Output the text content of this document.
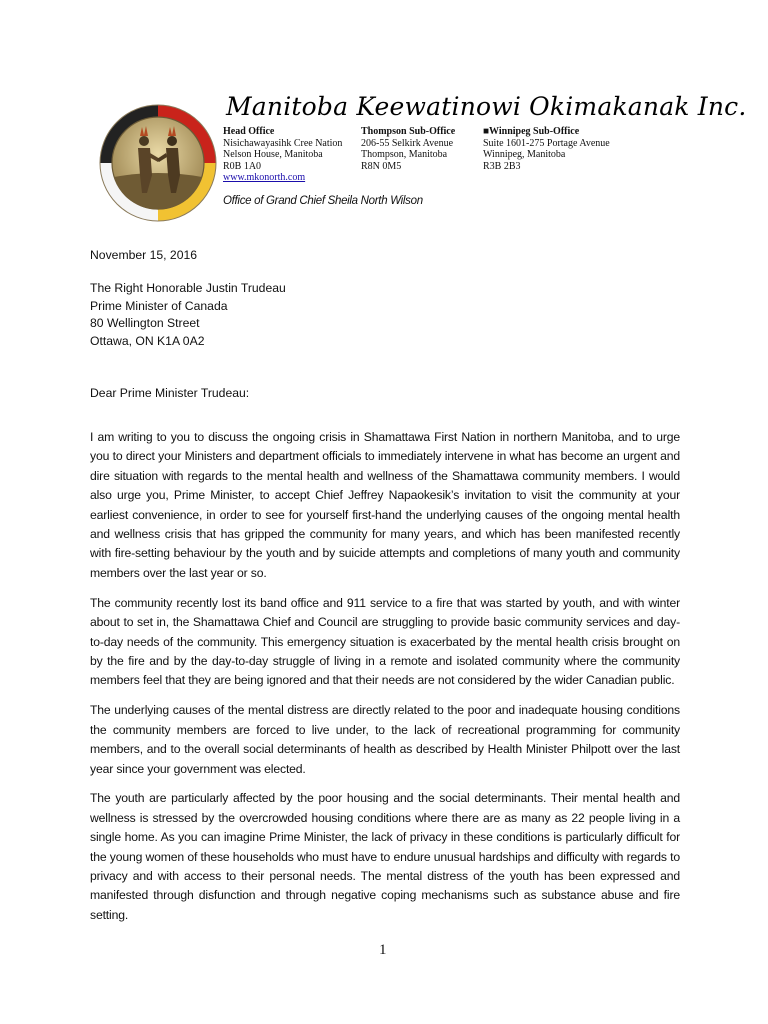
Manitoba Keewatinowi Okimakanak Inc.
Head Office
Nisichawayasihk Cree Nation
Nelson House, Manitoba
R0B 1A0
Thompson Sub-Office
206-55 Selkirk Avenue
Thompson, Manitoba
R8N 0M5
■Winnipeg Sub-Office
Suite 1601-275 Portage Avenue
Winnipeg, Manitoba
R3B 2B3
www.mkonorth.com
Office of Grand Chief Sheila North Wilson
November 15, 2016
The Right Honorable Justin Trudeau
Prime Minister of Canada
80 Wellington Street
Ottawa, ON K1A 0A2
Dear Prime Minister Trudeau:

I am writing to you to discuss the ongoing crisis in Shamattawa First Nation in northern Manitoba, and to urge you to direct your Ministers and department officials to immediately intervene in what has become an urgent and dire situation with regards to the mental health and wellness of the Shamattawa community members. I would also urge you, Prime Minister, to accept Chief Jeffrey Napaokesik’s invitation to visit the community at your earliest convenience, in order to see for yourself first-hand the underlying causes of the ongoing mental health and wellness crisis that has gripped the community for many years, and which has been manifested recently with fire-setting behaviour by the youth and by suicide attempts and completions of many youth and community members over the last year or so.

The community recently lost its band office and 911 service to a fire that was started by youth, and with winter about to set in, the Shamattawa Chief and Council are struggling to provide basic community services and day-to-day needs of the community. This emergency situation is exacerbated by the mental health crisis brought on by the fire and by the day-to-day struggle of living in a remote and isolated community where the community members feel that they are being ignored and that their needs are not considered by the wider Canadian public.

The underlying causes of the mental distress are directly related to the poor and inadequate housing conditions the community members are forced to live under, to the lack of recreational programming for community members, and to the overall social determinants of health as described by Health Minister Philpott over the last year since your government was elected.

The youth are particularly affected by the poor housing and the social determinants. Their mental health and wellness is stressed by the overcrowded housing conditions where there are as many as 22 people living in a single home. As you can imagine Prime Minister, the lack of privacy in these conditions is particularly difficult for the young women of these households who must have to endure unusual hardships and difficulty with regards to privacy and with access to their personal needs. The mental distress of the youth has been expressed and manifested through disfunction and through negative coping mechanisms such as substance abuse and fire setting.

1
